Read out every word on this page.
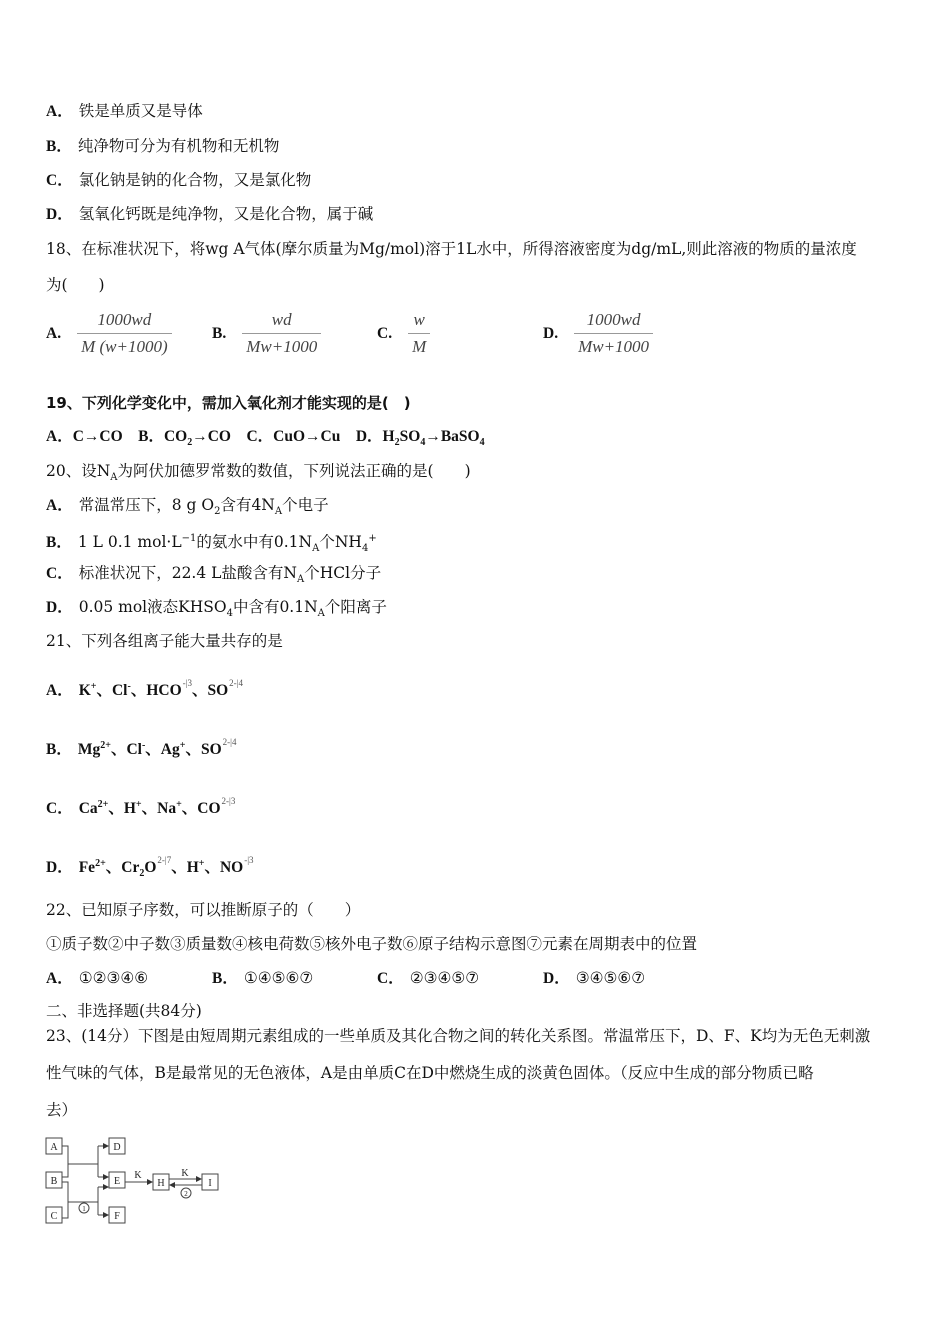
A． 铁是单质又是导体
B． 纯净物可分为有机物和无机物
C． 氯化钠是钠的化合物，又是氯化物
D． 氢氧化钙既是纯净物，又是化合物，属于碱
18、在标准状况下，将wg A气体(摩尔质量为Mg/mol)溶于1L水中，所得溶液密度为dg/mL,则此溶液的物质的量浓度
为(　　)
A. $\frac{1000wd}{M (w+1000)}$	B. $\frac{wd}{Mw+1000}$	C. $\frac{w}{M}$	D. $\frac{1000wd}{Mw+1000}$
19、下列化学变化中，需加入氧化剂才能实现的是(　)
A．C→CO　B．$CO_2\to CO$　C．CuO→Cu　D．$H_2SO_4\to BaSO_4$
20、设$N_A$为阿伏加德罗常数的数值，下列说法正确的是(　　)
A． 常温常压下，8 g $O_2$含有$4N_A$个电子
B． 1 L 0.1 $mol\cdot L^{-1}$的氨水中有$0.1N_A$个$NH_4^+$
C． 标准状况下，22.4 L盐酸含有$N_A$个HCl分子
D． 0.05 mol液态$KHSO_4$中含有$0.1N_A$个阳离子
21、下列各组离子能大量共存的是
A． K+、Cl-、HCO-|3、SO2-|4
B． $Mg^{2+}$、Cl-、Ag+、SO2-|4
C． $Ca^{2+}$、H+、Na+、CO2-|3
D． $Fe^{2+}$、$Cr_2O2-|7$、H+、NO-|3
22、已知原子序数，可以推断原子的（　　）
①质子数②中子数③质量数④核电荷数⑤核外电子数⑥原子结构示意图⑦元素在周期表中的位置
A． ①②③④⑥	B． ①④⑤⑥⑦	C． ②③④⑤⑦	D． ③④⑤⑥⑦
二、非选择题(共84分)
23、(14分）下图是由短周期元素组成的一些单质及其化合物之间的转化关系图。常温常压下，D、F、K均为无色无刺激
性气味的气体，B是最常见的无色液体，A是由单质C在D中燃烧生成的淡黄色固体。（反应中生成的部分物质已略
去）
A
B
C
D
E
F
H	I
K	K
1
2
